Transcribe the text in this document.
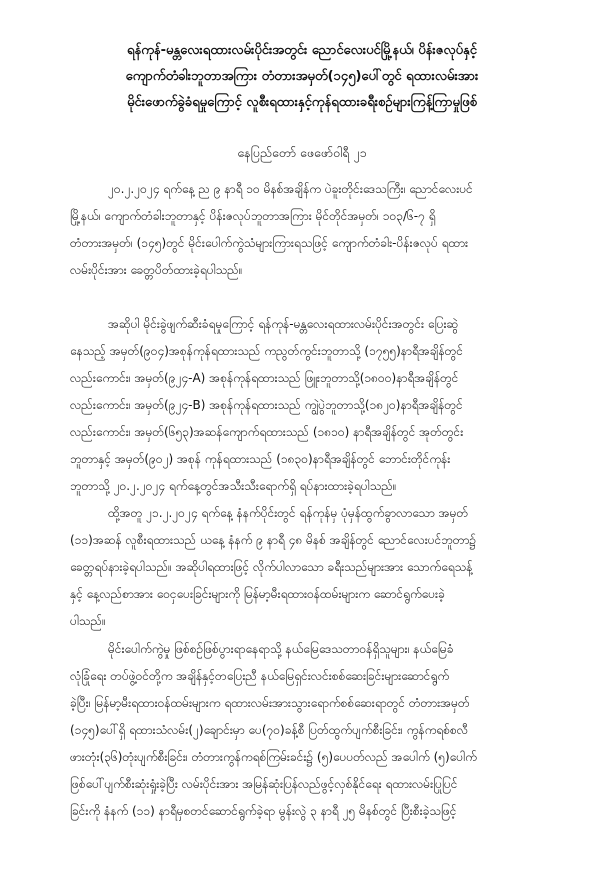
ရန်ကုန်-မန္တလေးရထားလမ်းပိုင်းအတွင်း ညောင်လေးပင်မြို့နယ်၊ ပိန်းဇလုပ်နှင့်
ကျောက်တံခါးဘူတာအကြား တံတားအမှတ်(၁၄၅)ပေါ်တွင် ရထားလမ်းအား
မိုင်းဖောက်ခွဲခံရမှုကြောင့် လူစီးရထားနှင့်ကုန်ရထားခရီးစဉ်များကြန့်ကြာမှုဖြစ်
နေပြည်တော် ဖေဖော်ဝါရီ ၂၁
၂၀.၂.၂၀၂၄ ရက်နေ့ ည ၉ နာရီ ၁၀ မိနစ်အချိန်က ပဲခူးတိုင်းဒေသကြီး၊ ညောင်လေးပင်
မြို့နယ်၊ ကျောက်တံခါးဘူတာနှင့် ပိန်းဇလုပ်ဘူတာအကြား မိုင်တိုင်အမှတ်၊ ၁၀၃/၆-၇ ရှိ
တံတားအမှတ်၊ (၁၄၅)တွင် မိုင်းပေါက်ကွဲသံများကြားရသဖြင့် ကျောက်တံခါး-ပိန်းဇလုပ် ရထား
လမ်းပိုင်းအား ခေတ္တပိတ်ထားခဲ့ရပါသည်။
အဆိုပါ မိုင်းခွဲဖျက်ဆီးခံရမှုကြောင့် ရန်ကုန်-မန္တလေးရထားလမ်းပိုင်းအတွင်း ပြေးဆွဲ
နေသည့် အမှတ်(၉၀၄)အစုန်ကုန်ရထားသည် ကညွတ်ကွင်းဘူတာသို့ (၁၇၅၅)နာရီအချိန်တွင်
လည်းကောင်း၊ အမှတ်(၉၂၄-A) အစုန်ကုန်ရထားသည် ဖြူးဘူတာသို့(၁၈၀၀)နာရီအချိန်တွင်
လည်းကောင်း၊ အမှတ်(၉၂၄-B) အစုန်ကုန်ရထားသည် ကျွဲပွဲဘူတာသို့(၁၈၂၀)နာရီအချိန်တွင်
လည်းကောင်း၊ အမှတ်(၆၅၃)အဆန်ကျောက်ရထားသည် (၁၈၁၀) နာရီအချိန်တွင် အုတ်တွင်း
ဘူတာနှင့် အမှတ်(၉၀၂) အစုန် ကုန်ရထားသည် (၁၈၃၀)နာရီအချိန်တွင် ဘောင်းတိုင်ကုန်း
ဘူတာသို့ ၂၀.၂.၂၀၂၄ ရက်နေ့တွင်အသီးသီးရောက်ရှိ ရပ်နားထားခဲ့ရပါသည်။
ထို့အတူ ၂၁.၂.၂၀၂၄ ရက်နေ့ နံနက်ပိုင်းတွင် ရန်ကုန်မှ ပုံမှန်ထွက်ခွာလာသော အမှတ်
(၁၁)အဆန် လူစီးရထားသည် ယနေ့ နံနက် ၉ နာရီ ၄၈ မိနစ် အချိန်တွင် ညောင်လေးပင်ဘူတာ၌
ခေတ္တရပ်နားခဲ့ရပါသည်။ အဆိုပါရထားဖြင့် လိုက်ပါလာသော ခရီးသည်များအား သောက်ရေသန့်
နှင့် နေ့လည်စာအား ဝေငှပေးခြင်းများကို မြန်မာ့မီးရထားဝန်ထမ်းများက ဆောင်ရွက်ပေးခဲ့
ပါသည်။
မိုင်းပေါက်ကွဲမှု ဖြစ်စဉ်ဖြစ်ပွားရာနေရာသို့ နယ်မြေဒေသတာဝန်ရှိသူများ၊ နယ်မြေခံ
လုံခြုံရေး တပ်ဖွဲ့ဝင်တို့က အချိန်နှင့်တပြေးညီ နယ်မြေရှင်းလင်းစစ်ဆေးခြင်းများဆောင်ရွက်
ခဲ့ပြီး၊ မြန်မာ့မီးရထားဝန်ထမ်းများက ရထားလမ်းအားသွားရောက်စစ်ဆေးရာတွင် တံတားအမှတ်
(၁၄၅)ပေါ်ရှိ ရထားသံလမ်း(၂)ချောင်းမှာ ပေ(၇၀)ခန့်စီ ပြတ်ထွက်ပျက်စီးခြင်း၊ ကွန်ကရစ်စလီ
ဖားတုံး(၃၆)တုံးပျက်စီးခြင်း၊ တံတားကွန်ကရစ်ကြမ်းခင်း၌ (၅)ပေပတ်လည် အပေါက် (၅)ပေါက်
ဖြစ်ပေါ်ပျက်စီးဆုံးရှုံးခဲ့ပြီး လမ်းပိုင်းအား အမြန်ဆုံးပြန်လည်ဖွင့်လှစ်နိုင်ရေး ရထားလမ်းပြုပြင်
ခြင်းကို နံနက် (၁၁) နာရီမှစတင်ဆောင်ရွက်ခဲ့ရာ မွန်းလွဲ ၃ နာရီ ၂၅ မိနစ်တွင် ပြီးစီးခဲ့သဖြင့်
